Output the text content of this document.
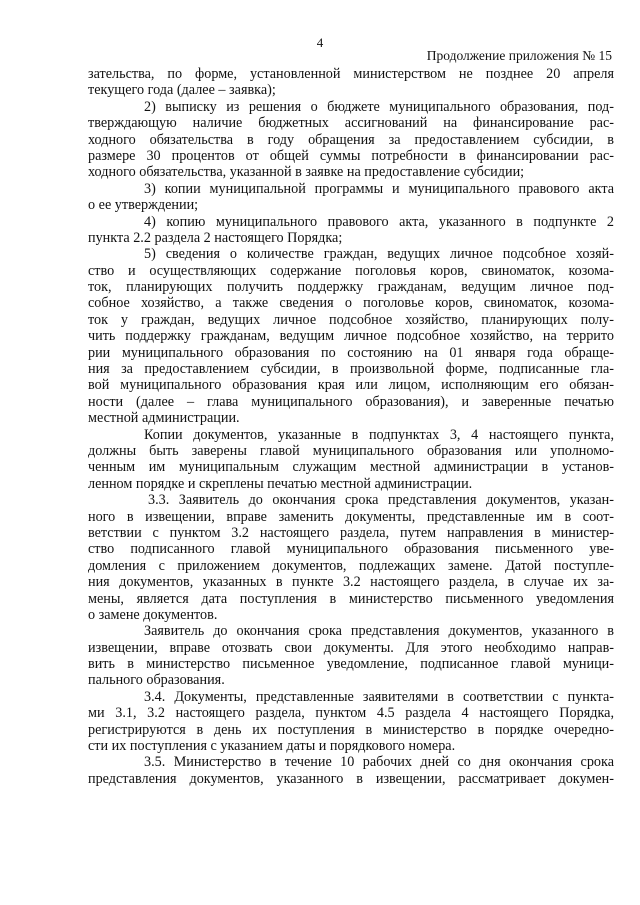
4
Продолжение приложения № 15
зательства, по форме, установленной министерством не позднее 20 апреля
текущего года (далее – заявка);
2) выписку из решения о бюджете муниципального образования, под-
тверждающую наличие бюджетных ассигнований на финансирование рас-
ходного обязательства в году обращения за предоставлением субсидии, в
размере 30 процентов от общей суммы потребности в финансировании рас-
ходного обязательства, указанной в заявке на предоставление субсидии;
3) копии муниципальной программы и муниципального правового акта
о ее утверждении;
4) копию муниципального правового акта, указанного в подпункте 2
пункта 2.2 раздела 2 настоящего Порядка;
5) сведения о количестве граждан, ведущих личное подсобное хозяй-
ство и осуществляющих содержание поголовья коров, свиноматок, козома-
ток, планирующих получить поддержку гражданам, ведущим личное под-
собное хозяйство, а также сведения о поголовье коров, свиноматок, козома-
ток у граждан, ведущих личное подсобное хозяйство, планирующих полу-
чить поддержку гражданам, ведущим личное подсобное хозяйство, на террито
рии муниципального образования по состоянию на 01 января года обраще-
ния за предоставлением субсидии, в произвольной форме, подписанные гла-
вой муниципального образования края или лицом, исполняющим его обязан-
ности (далее – глава муниципального образования), и заверенные печатью
местной администрации.
Копии документов, указанные в подпунктах 3, 4 настоящего пункта,
должны быть заверены главой муниципального образования или уполномо-
ченным им муниципальным служащим местной администрации в установ-
ленном порядке и скреплены печатью местной администрации.
3.3. Заявитель до окончания срока представления документов, указан-
ного в извещении, вправе заменить документы, представленные им в соот-
ветствии с пунктом 3.2 настоящего раздела, путем направления в министер-
ство подписанного главой муниципального образования письменного уве-
домления с приложением документов, подлежащих замене. Датой поступле-
ния документов, указанных в пункте 3.2 настоящего раздела, в случае их за-
мены, является дата поступления в министерство письменного уведомления
о замене документов.
Заявитель до окончания срока представления документов, указанного в
извещении, вправе отозвать свои документы. Для этого необходимо направ-
вить в министерство письменное уведомление, подписанное главой муници-
пального образования.
3.4. Документы, представленные заявителями в соответствии с пункта-
ми 3.1, 3.2 настоящего раздела, пунктом 4.5 раздела 4 настоящего Порядка,
регистрируются в день их поступления в министерство в порядке очередно-
сти их поступления с указанием даты и порядкового номера.
3.5. Министерство в течение 10 рабочих дней со дня окончания срока
представления документов, указанного в извещении, рассматривает докумен-
